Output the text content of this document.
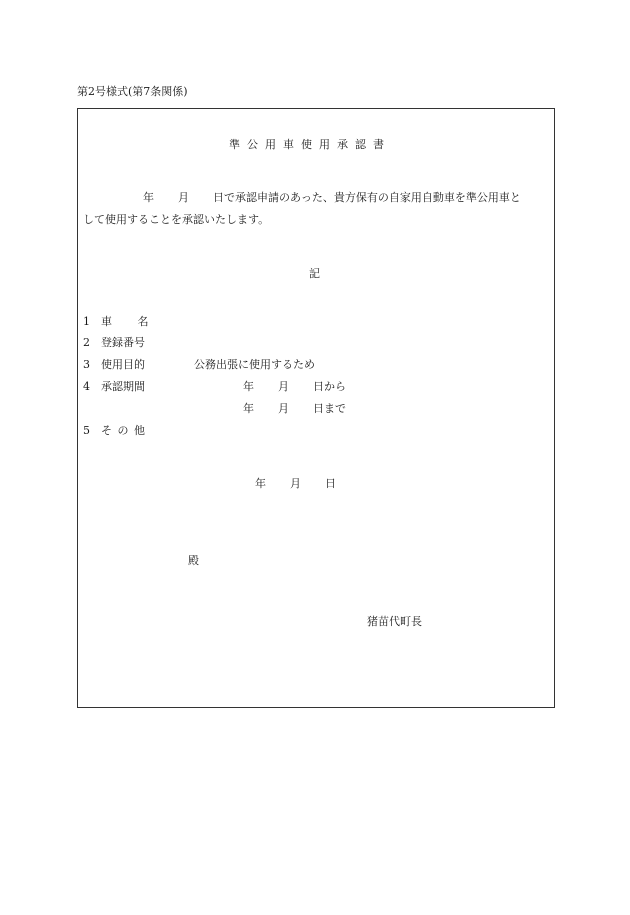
第2号様式(第7条関係)
準公用車使用承認書
年 月 日で承認申請のあった、貴方保有の自家用自動車を準公用車と
して使用することを承認いたします。
記
1 車 名
2 登録番号
3 使用目的	公務出張に使用するため
4 承認期間	年 月 日から
年 月 日まで
5 そ の 他
年 月 日
殿
猪苗代町長
